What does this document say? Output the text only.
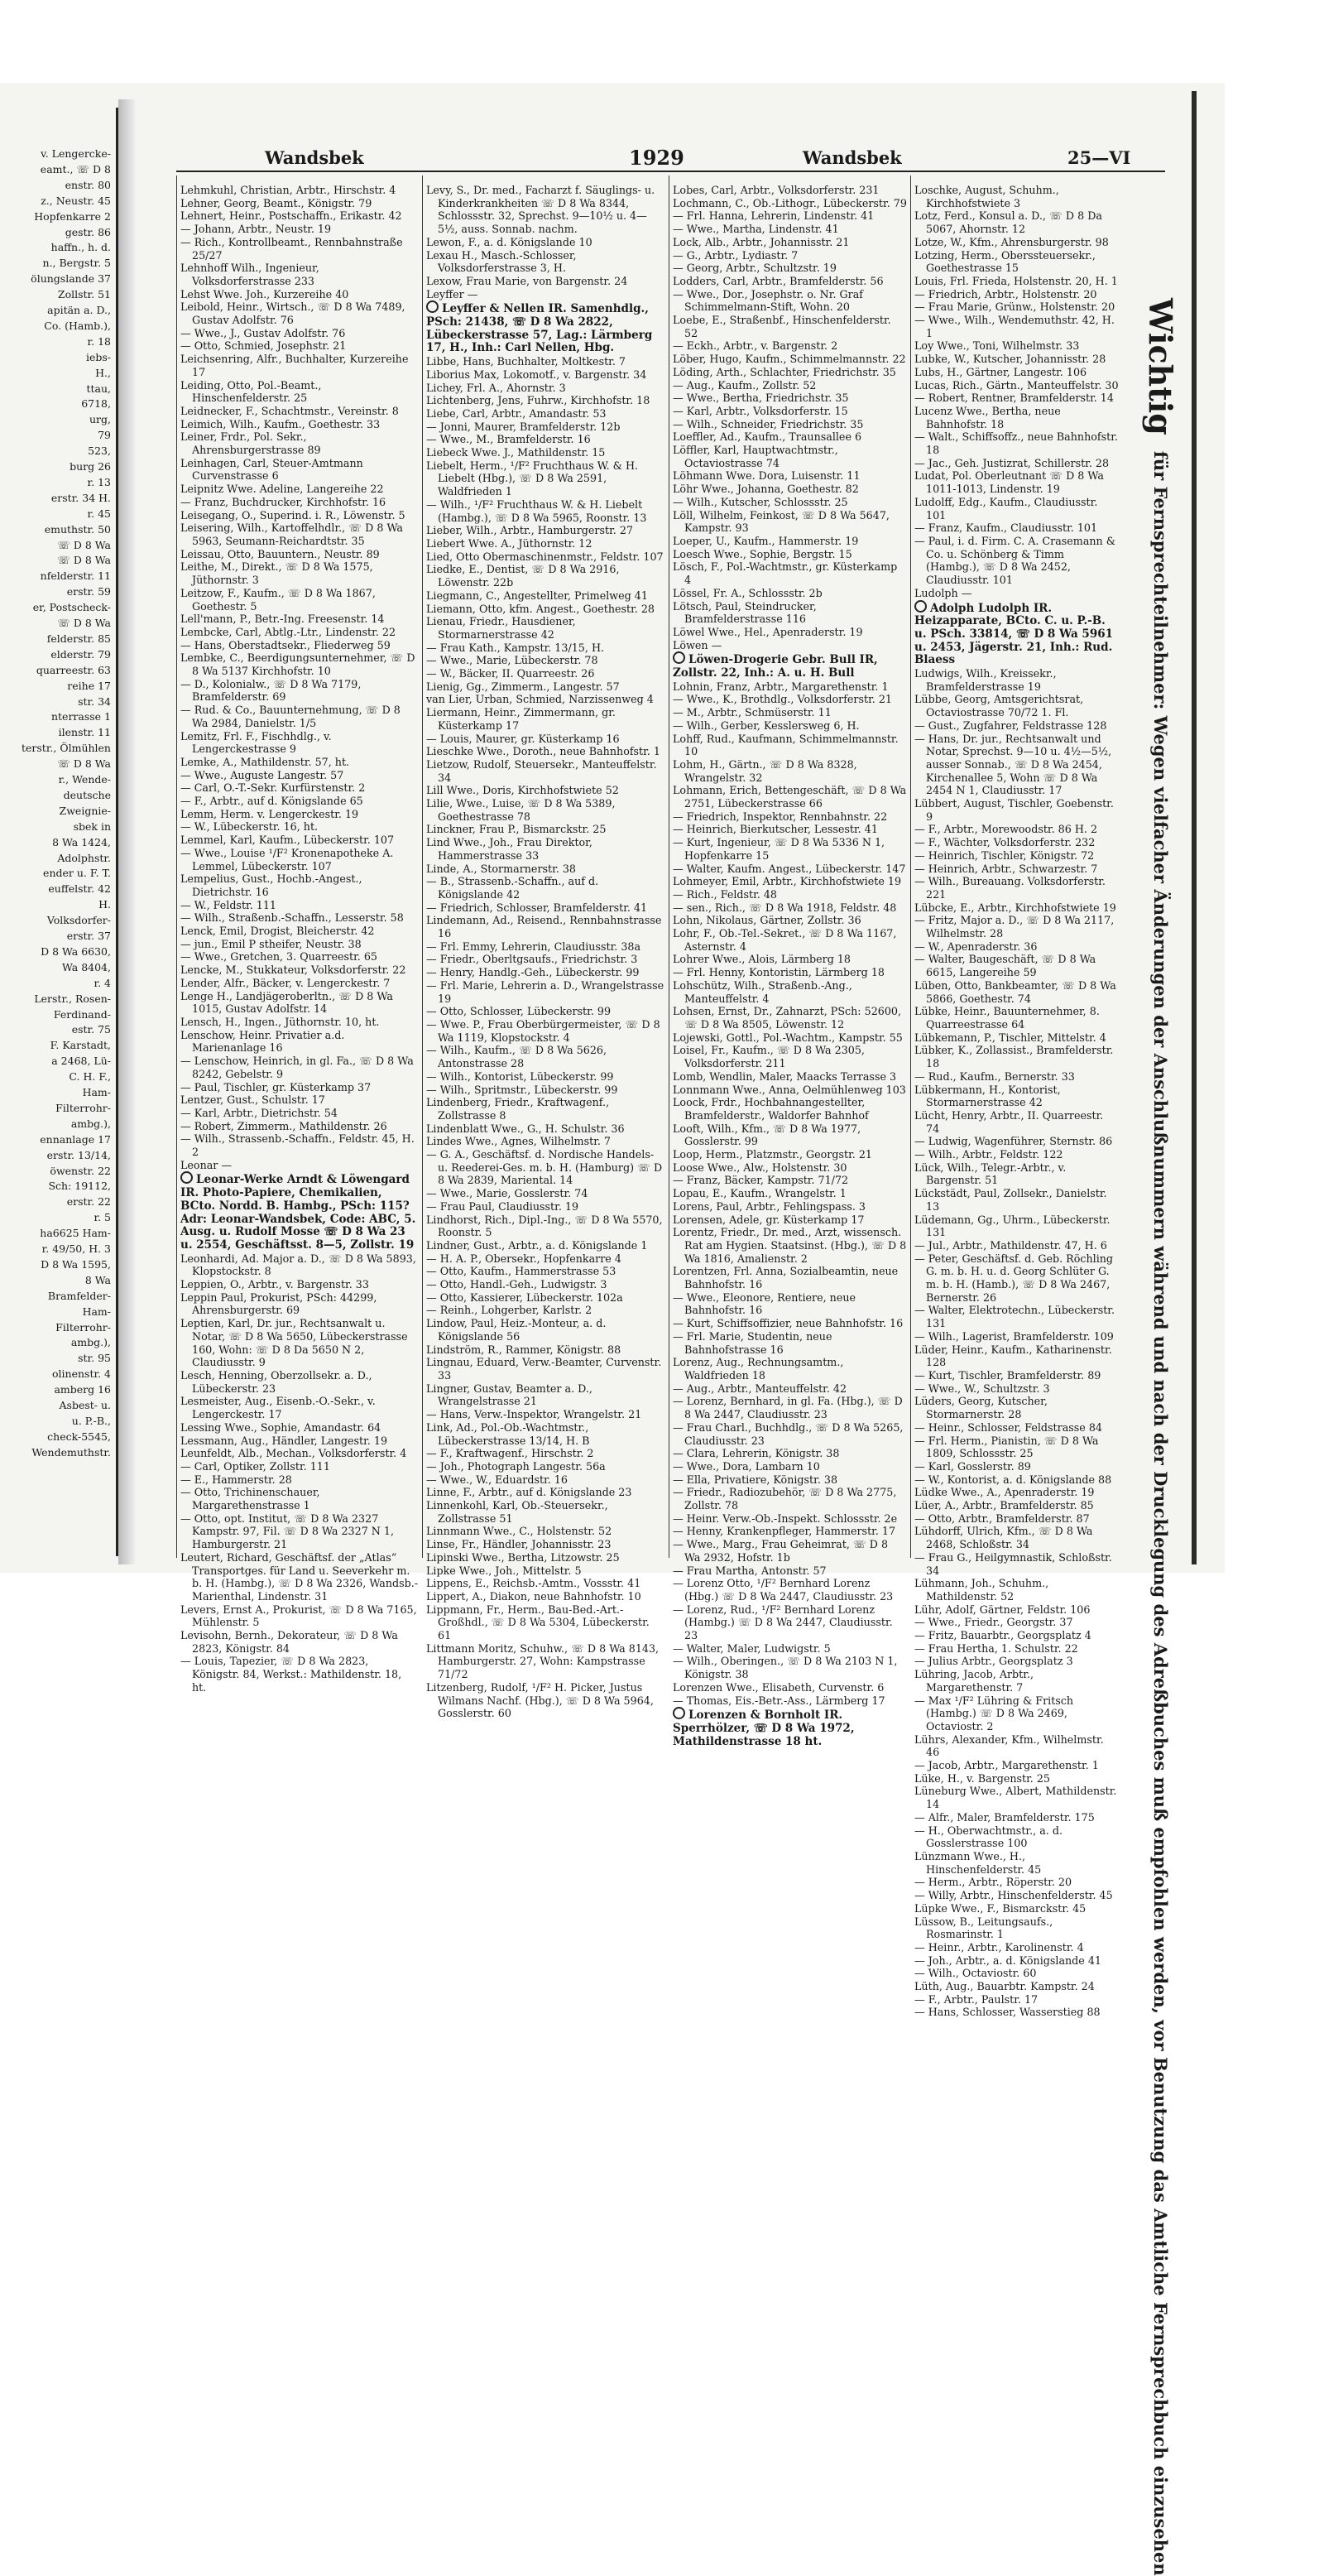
v. Lengercke-
eamt., ☏ D 8
enstr. 80
z., Neustr. 45
Hopfenkarre 2
gestr. 86
haffn., h. d.
n., Bergstr. 5
ölungslande 37
Zollstr. 51
apitän a. D.,
Co. (Hamb.),
r. 18
iebs-
H.,
ttau,
6718,
urg,
79
523,
burg 26
r. 13
erstr. 34 H.
r. 45
emuthstr. 50
☏ D 8 Wa
☏ D 8 Wa
nfelderstr. 11
erstr. 59
er, Postscheck-
☏ D 8 Wa
felderstr. 85
elderstr. 79
quarreestr. 63
reihe 17
str. 34
nterrasse 1
ilenstr. 11
terstr., Ölmühlen
☏ D 8 Wa
r., Wende-
deutsche
Zweignie-
sbek in
8 Wa 1424,
Adolphstr.
ender u. F. T.
euffelstr. 42
H.
Volksdorfer-
erstr. 37
D 8 Wa 6630,
Wa 8404,
r. 4
Lerstr., Rosen-
Ferdinand-
estr. 75
F. Karstadt,
a 2468, Lü-
C. H. F.,
Ham-
Filterrohr-
ambg.),
ennanlage 17
erstr. 13/14,
öwenstr. 22
Sch: 19112,
erstr. 22
r. 5
ha6625 Ham-
r. 49/50, H. 3
D 8 Wa 1595,
8 Wa
Bramfelder-
Ham-
Filterrohr-
ambg.),
str. 95
olinenstr. 4
amberg 16
Asbest- u.
u. P.-B.,
check-5545,
Wendemuthstr.
Wandsbek	1929	Wandsbek	25—VI
Lehmkuhl, Christian, Arbtr., Hirschstr. 4
Lehner, Georg, Beamt., Königstr. 79
Lehnert, Heinr., Postschaffn., Erikastr. 42
— Johann, Arbtr., Neustr. 19
— Rich., Kontrollbeamt., Rennbahnstraße 25/27
Lehnhoff Wilh., Ingenieur, Volksdorferstrasse 233
Lehst Wwe. Joh., Kurzereihe 40
Leibold, Heinr., Wirtsch., ☏ D 8 Wa 7489, Gustav Adolfstr. 76
— Wwe., J., Gustav Adolfstr. 76
— Otto, Schmied, Josephstr. 21
Leichsenring, Alfr., Buchhalter, Kurzereihe 17
Leiding, Otto, Pol.-Beamt., Hinschenfelderstr. 25
Leidnecker, F., Schachtmstr., Vereinstr. 8
Leimich, Wilh., Kaufm., Goethestr. 33
Leiner, Frdr., Pol. Sekr., Ahrensburgerstrasse 89
Leinhagen, Carl, Steuer-Amtmann Curvenstrasse 6
Leipnitz Wwe. Adeline, Langereihe 22
— Franz, Buchdrucker, Kirchhofstr. 16
Leisegang, O., Superind. i. R., Löwenstr. 5
Leisering, Wilh., Kartoffelhdlr., ☏ D 8 Wa 5963, Seumann-Reichardtstr. 35
Leissau, Otto, Bauuntern., Neustr. 89
Leithe, M., Direkt., ☏ D 8 Wa 1575, Jüthornstr. 3
Leitzow, F., Kaufm., ☏ D 8 Wa 1867, Goethestr. 5
Lell'mann, P., Betr.-Ing. Freesenstr. 14
Lembcke, Carl, Abtlg.-Ltr., Lindenstr. 22
— Hans, Oberstadtsekr., Fliederweg 59
Lembke, C., Beerdigungsunternehmer, ☏ D 8 Wa 5137 Kirchhofstr. 10
— D., Kolonialw., ☏ D 8 Wa 7179, Bramfelderstr. 69
— Rud. & Co., Bauunternehmung, ☏ D 8 Wa 2984, Danielstr. 1/5
Lemitz, Frl. F., Fischhdlg., v. Lengerckestrasse 9
Lemke, A., Mathildenstr. 57, ht.
— Wwe., Auguste Langestr. 57
— Carl, O.-T.-Sekr. Kurfürstenstr. 2
— F., Arbtr., auf d. Königslande 65
Lemm, Herm. v. Lengerckestr. 19
— W., Lübeckerstr. 16, ht.
Lemmel, Karl, Kaufm., Lübeckerstr. 107
— Wwe., Louise ¹/F² Kronenapotheke A. Lemmel, Lübeckerstr. 107
Lempelius, Gust., Hochb.-Angest., Dietrichstr. 16
— W., Feldstr. 111
— Wilh., Straßenb.-Schaffn., Lesserstr. 58
Lenck, Emil, Drogist, Bleicherstr. 42
— jun., Emil P stheifer, Neustr. 38
— Wwe., Gretchen, 3. Quarreestr. 65
Lencke, M., Stukkateur, Volksdorferstr. 22
Lender, Alfr., Bäcker, v. Lengerckestr. 7
Lenge H., Landjägeroberltn., ☏ D 8 Wa 1015, Gustav Adolfstr. 14
Lensch, H., Ingen., Jüthornstr. 10, ht.
Lenschow, Heinr. Privatier a.d. Marienanlage 16
— Lenschow, Heinrich, in gl. Fa., ☏ D 8 Wa 8242, Gebelstr. 9
— Paul, Tischler, gr. Küsterkamp 37
Lentzer, Gust., Schulstr. 17
— Karl, Arbtr., Dietrichstr. 54
— Robert, Zimmerm., Mathildenstr. 26
— Wilh., Strassenb.-Schaffn., Feldstr. 45, H. 2
Leonar —
Leonar-Werke Arndt & Löwengard IR. Photo-Papiere, Chemikalien, BCto. Nordd. B. Hambg., PSch: 115? Adr: Leonar-Wandsbek, Code: ABC, 5. Ausg. u. Rudolf Mosse ☏ D 8 Wa 23 u. 2554, Geschäftsst. 8—5, Zollstr. 19
Leonhardi, Ad. Major a. D., ☏ D 8 Wa 5893, Klopstockstr. 8
Leppien, O., Arbtr., v. Bargenstr. 33
Leppin Paul, Prokurist, PSch: 44299, Ahrensburgerstr. 69
Leptien, Karl, Dr. jur., Rechtsanwalt u. Notar, ☏ D 8 Wa 5650, Lübeckerstrasse 160, Wohn: ☏ D 8 Da 5650 N 2, Claudiusstr. 9
Lesch, Henning, Oberzollsekr. a. D., Lübeckerstr. 23
Lesmeister, Aug., Eisenb.-O.-Sekr., v. Lengerckestr. 17
Lessing Wwe., Sophie, Amandastr. 64
Lessmann, Aug., Händler, Langestr. 19
Leunfeldt, Alb., Mechan., Volksdorferstr. 4
— Carl, Optiker, Zollstr. 111
— E., Hammerstr. 28
— Otto, Trichinenschauer, Margarethenstrasse 1
— Otto, opt. Institut, ☏ D 8 Wa 2327 Kampstr. 97, Fil. ☏ D 8 Wa 2327 N 1, Hamburgerstr. 21
Leutert, Richard, Geschäftsf. der „Atlas“ Transportges. für Land u. Seeverkehr m. b. H. (Hambg.), ☏ D 8 Wa 2326, Wandsb.-Marienthal, Lindenstr. 31
Levers, Ernst A., Prokurist, ☏ D 8 Wa 7165, Mühlenstr. 5
Levisohn, Bernh., Dekorateur, ☏ D 8 Wa 2823, Königstr. 84
— Louis, Tapezier, ☏ D 8 Wa 2823, Königstr. 84, Werkst.: Mathildenstr. 18, ht.
Levy, S., Dr. med., Facharzt f. Säuglings- u. Kinderkrankheiten ☏ D 8 Wa 8344, Schlossstr. 32, Sprechst. 9—10½ u. 4—5½, auss. Sonnab. nachm.
Lewon, F., a. d. Königslande 10
Lexau H., Masch.-Schlosser, Volksdorferstrasse 3, H.
Lexow, Frau Marie, von Bargenstr. 24
Leyffer —
Leyffer & Nellen IR. Samenhdlg., PSch: 21438, ☏ D 8 Wa 2822, Lübeckerstrasse 57, Lag.: Lärmberg 17, H., Inh.: Carl Nellen, Hbg.
Libbe, Hans, Buchhalter, Moltkestr. 7
Liborius Max, Lokomotf., v. Bargenstr. 34
Lichey, Frl. A., Ahornstr. 3
Lichtenberg, Jens, Fuhrw., Kirchhofstr. 18
Liebe, Carl, Arbtr., Amandastr. 53
— Jonni, Maurer, Bramfelderstr. 12b
— Wwe., M., Bramfelderstr. 16
Liebeck Wwe. J., Mathildenstr. 15
Liebelt, Herm., ¹/F² Fruchthaus W. & H. Liebelt (Hbg.), ☏ D 8 Wa 2591, Waldfrieden 1
— Wilh., ¹/F² Fruchthaus W. & H. Liebelt (Hambg.), ☏ D 8 Wa 5965, Roonstr. 13
Lieber, Wilh., Arbtr., Hamburgerstr. 27
Liebert Wwe. A., Jüthornstr. 12
Lied, Otto Obermaschinenmstr., Feldstr. 107
Liedke, E., Dentist, ☏ D 8 Wa 2916, Löwenstr. 22b
Liegmann, C., Angestellter, Primelweg 41
Liemann, Otto, kfm. Angest., Goethestr. 28
Lienau, Friedr., Hausdiener, Stormarnerstrasse 42
— Frau Kath., Kampstr. 13/15, H.
— Wwe., Marie, Lübeckerstr. 78
— W., Bäcker, II. Quarreestr. 26
Lienig, Gg., Zimmerm., Langestr. 57
van Lier, Urban, Schmied, Narzissenweg 4
Liermann, Heinr., Zimmermann, gr. Küsterkamp 17
— Louis, Maurer, gr. Küsterkamp 16
Lieschke Wwe., Doroth., neue Bahnhofstr. 1
Lietzow, Rudolf, Steuersekr., Manteuffelstr. 34
Lill Wwe., Doris, Kirchhofstwiete 52
Lilie, Wwe., Luise, ☏ D 8 Wa 5389, Goethestrasse 78
Linckner, Frau P., Bismarckstr. 25
Lind Wwe., Joh., Frau Direktor, Hammerstrasse 33
Linde, A., Stormarnerstr. 38
— B., Strassenb.-Schaffn., auf d. Königslande 42
— Friedrich, Schlosser, Bramfelderstr. 41
Lindemann, Ad., Reisend., Rennbahnstrasse 16
— Frl. Emmy, Lehrerin, Claudiusstr. 38a
— Friedr., Oberltgsaufs., Friedrichstr. 3
— Henry, Handlg.-Geh., Lübeckerstr. 99
— Frl. Marie, Lehrerin a. D., Wrangelstrasse 19
— Otto, Schlosser, Lübeckerstr. 99
— Wwe. P., Frau Oberbürgermeister, ☏ D 8 Wa 1119, Klopstockstr. 4
— Wilh., Kaufm., ☏ D 8 Wa 5626, Antonstrasse 28
— Wilh., Kontorist, Lübeckerstr. 99
— Wilh., Spritmstr., Lübeckerstr. 99
Lindenberg, Friedr., Kraftwagenf., Zollstrasse 8
Lindenblatt Wwe., G., H. Schulstr. 36
Lindes Wwe., Agnes, Wilhelmstr. 7
— G. A., Geschäftsf. d. Nordische Handels- u. Reederei-Ges. m. b. H. (Hamburg) ☏ D 8 Wa 2839, Mariental. 14
— Wwe., Marie, Gosslerstr. 74
— Frau Paul, Claudiusstr. 19
Lindhorst, Rich., Dipl.-Ing., ☏ D 8 Wa 5570, Roonstr. 5
Lindner, Gust., Arbtr., a. d. Königslande 1
— H. A. P., Obersekr., Hopfenkarre 4
— Otto, Kaufm., Hammerstrasse 53
— Otto, Handl.-Geh., Ludwigstr. 3
— Otto, Kassierer, Lübeckerstr. 102a
— Reinh., Lohgerber, Karlstr. 2
Lindow, Paul, Heiz.-Monteur, a. d. Königslande 56
Lindström, R., Rammer, Königstr. 88
Lingnau, Eduard, Verw.-Beamter, Curvenstr. 33
Lingner, Gustav, Beamter a. D., Wrangelstrasse 21
— Hans, Verw.-Inspektor, Wrangelstr. 21
Link, Ad., Pol.-Ob.-Wachtmstr., Lübeckerstrasse 13/14, H. B
— F., Kraftwagenf., Hirschstr. 2
— Joh., Photograph Langestr. 56a
— Wwe., W., Eduardstr. 16
Linne, F., Arbtr., auf d. Königslande 23
Linnenkohl, Karl, Ob.-Steuersekr., Zollstrasse 51
Linnmann Wwe., C., Holstenstr. 52
Linse, Fr., Händler, Johannisstr. 23
Lipinski Wwe., Bertha, Litzowstr. 25
Lipke Wwe., Joh., Mittelstr. 5
Lippens, E., Reichsb.-Amtm., Vossstr. 41
Lippert, A., Diakon, neue Bahnhofstr. 10
Lippmann, Fr., Herm., Bau-Bed.-Art.-Großhdl., ☏ D 8 Wa 5304, Lübeckerstr. 61
Littmann Moritz, Schuhw., ☏ D 8 Wa 8143, Hamburgerstr. 27, Wohn: Kampstrasse 71/72
Litzenberg, Rudolf, ¹/F² H. Picker, Justus Wilmans Nachf. (Hbg.), ☏ D 8 Wa 5964, Gosslerstr. 60
Lobes, Carl, Arbtr., Volksdorferstr. 231
Lochmann, C., Ob.-Lithogr., Lübeckerstr. 79
— Frl. Hanna, Lehrerin, Lindenstr. 41
— Wwe., Martha, Lindenstr. 41
Lock, Alb., Arbtr., Johannisstr. 21
— G., Arbtr., Lydiastr. 7
— Georg, Arbtr., Schultzstr. 19
Lodders, Carl, Arbtr., Bramfelderstr. 56
— Wwe., Dor., Josephstr. o. Nr. Graf Schimmelmann-Stift, Wohn. 20
Loebe, E., Straßenbf., Hinschenfelderstr. 52
— Eckh., Arbtr., v. Bargenstr. 2
Löber, Hugo, Kaufm., Schimmelmannstr. 22
Löding, Arth., Schlachter, Friedrichstr. 35
— Aug., Kaufm., Zollstr. 52
— Wwe., Bertha, Friedrichstr. 35
— Karl, Arbtr., Volksdorferstr. 15
— Wilh., Schneider, Friedrichstr. 35
Loeffler, Ad., Kaufm., Traunsallee 6
Löffler, Karl, Hauptwachtmstr., Octaviostrasse 74
Löhmann Wwe. Dora, Luisenstr. 11
Löhr Wwe., Johanna, Goethestr. 82
— Wilh., Kutscher, Schlossstr. 25
Löll, Wilhelm, Feinkost, ☏ D 8 Wa 5647, Kampstr. 93
Loeper, U., Kaufm., Hammerstr. 19
Loesch Wwe., Sophie, Bergstr. 15
Lösch, F., Pol.-Wachtmstr., gr. Küsterkamp 4
Lössel, Fr. A., Schlossstr. 2b
Lötsch, Paul, Steindrucker, Bramfelderstrasse 116
Löwel Wwe., Hel., Apenraderstr. 19
Löwen —
Löwen-Drogerie Gebr. Bull IR, Zollstr. 22, Inh.: A. u. H. Bull
Lohnin, Franz, Arbtr., Margarethenstr. 1
— Wwe., K., Brothdlg., Volksdorferstr. 21
— M., Arbtr., Schmüserstr. 11
— Wilh., Gerber, Kesslersweg 6, H.
Lohff, Rud., Kaufmann, Schimmelmannstr. 10
Lohm, H., Gärtn., ☏ D 8 Wa 8328, Wrangelstr. 32
Lohmann, Erich, Bettengeschäft, ☏ D 8 Wa 2751, Lübeckerstrasse 66
— Friedrich, Inspektor, Rennbahnstr. 22
— Heinrich, Bierkutscher, Lessestr. 41
— Kurt, Ingenieur, ☏ D 8 Wa 5336 N 1, Hopfenkarre 15
— Walter, Kaufm. Angest., Lübeckerstr. 147
Lohmeyer, Emil, Arbtr., Kirchhofstwiete 19
— Rich., Feldstr. 48
— sen., Rich., ☏ D 8 Wa 1918, Feldstr. 48
Lohn, Nikolaus, Gärtner, Zollstr. 36
Lohr, F., Ob.-Tel.-Sekret., ☏ D 8 Wa 1167, Asternstr. 4
Lohrer Wwe., Alois, Lärmberg 18
— Frl. Henny, Kontoristin, Lärmberg 18
Lohschütz, Wilh., Straßenb.-Ang., Manteuffelstr. 4
Lohsen, Ernst, Dr., Zahnarzt, PSch: 52600, ☏ D 8 Wa 8505, Löwenstr. 12
Lojewski, Gottl., Pol.-Wachtm., Kampstr. 55
Loisel, Fr., Kaufm., ☏ D 8 Wa 2305, Volksdorferstr. 211
Lomb, Wendlin, Maler, Maacks Terrasse 3
Lonnmann Wwe., Anna, Oelmühlenweg 103
Loock, Frdr., Hochbahnangestellter, Bramfelderstr., Waldorfer Bahnhof
Looft, Wilh., Kfm., ☏ D 8 Wa 1977, Gosslerstr. 99
Loop, Herm., Platzmstr., Georgstr. 21
Loose Wwe., Alw., Holstenstr. 30
— Franz, Bäcker, Kampstr. 71/72
Lopau, E., Kaufm., Wrangelstr. 1
Lorens, Paul, Arbtr., Fehlingspass. 3
Lorensen, Adele, gr. Küsterkamp 17
Lorentz, Friedr., Dr. med., Arzt, wissensch. Rat am Hygien. Staatsinst. (Hbg.), ☏ D 8 Wa 1816, Amalienstr. 2
Lorentzen, Frl. Anna, Sozialbeamtin, neue Bahnhofstr. 16
— Wwe., Eleonore, Rentiere, neue Bahnhofstr. 16
— Kurt, Schiffsoffizier, neue Bahnhofstr. 16
— Frl. Marie, Studentin, neue Bahnhofstrasse 16
Lorenz, Aug., Rechnungsamtm., Waldfrieden 18
— Aug., Arbtr., Manteuffelstr. 42
— Lorenz, Bernhard, in gl. Fa. (Hbg.), ☏ D 8 Wa 2447, Claudiusstr. 23
— Frau Charl., Buchhdlg., ☏ D 8 Wa 5265, Claudiusstr. 23
— Clara, Lehrerin, Königstr. 38
— Wwe., Dora, Lambarn 10
— Ella, Privatiere, Königstr. 38
— Friedr., Radiozubehör, ☏ D 8 Wa 2775, Zollstr. 78
— Heinr. Verw.-Ob.-Inspekt. Schlossstr. 2e
— Henny, Krankenpfleger, Hammerstr. 17
— Wwe., Marg., Frau Geheimrat, ☏ D 8 Wa 2932, Hofstr. 1b
— Frau Martha, Antonstr. 57
— Lorenz Otto, ¹/F² Bernhard Lorenz (Hbg.) ☏ D 8 Wa 2447, Claudiusstr. 23
— Lorenz, Rud., ¹/F² Bernhard Lorenz (Hambg.) ☏ D 8 Wa 2447, Claudiusstr. 23
— Walter, Maler, Ludwigstr. 5
— Wilh., Oberingen., ☏ D 8 Wa 2103 N 1, Königstr. 38
Lorenzen Wwe., Elisabeth, Curvenstr. 6
— Thomas, Eis.-Betr.-Ass., Lärmberg 17
Lorenzen & Bornholt IR. Sperrhölzer, ☏ D 8 Wa 1972, Mathildenstrasse 18 ht.
Loschke, August, Schuhm., Kirchhofstwiete 3
Lotz, Ferd., Konsul a. D., ☏ D 8 Da 5067, Ahornstr. 12
Lotze, W., Kfm., Ahrensburgerstr. 98
Lotzing, Herm., Oberssteuersekr., Goethestrasse 15
Louis, Frl. Frieda, Holstenstr. 20, H. 1
— Friedrich, Arbtr., Holstenstr. 20
— Frau Marie, Grünw., Holstenstr. 20
— Wwe., Wilh., Wendemuthstr. 42, H. 1
Loy Wwe., Toni, Wilhelmstr. 33
Lubke, W., Kutscher, Johannisstr. 28
Lubs, H., Gärtner, Langestr. 106
Lucas, Rich., Gärtn., Manteuffelstr. 30
— Robert, Rentner, Bramfelderstr. 14
Lucenz Wwe., Bertha, neue Bahnhofstr. 18
— Walt., Schiffsoffz., neue Bahnhofstr. 18
— Jac., Geh. Justizrat, Schillerstr. 28
Ludat, Pol. Oberleutnant ☏ D 8 Wa 1011-1013, Lindenstr. 19
Ludolff, Edg., Kaufm., Claudiusstr. 101
— Franz, Kaufm., Claudiusstr. 101
— Paul, i. d. Firm. C. A. Crasemann & Co. u. Schönberg & Timm (Hambg.), ☏ D 8 Wa 2452, Claudiusstr. 101
Ludolph —
Adolph Ludolph IR. Heizapparate, BCto. C. u. P.-B. u. PSch. 33814, ☏ D 8 Wa 5961 u. 2453, Jägerstr. 21, Inh.: Rud. Blaess
Ludwigs, Wilh., Kreissekr., Bramfelderstrasse 19
Lübbe, Georg, Amtsgerichtsrat, Octaviostrasse 70/72 1. Fl.
— Gust., Zugfahrer, Feldstrasse 128
— Hans, Dr. jur., Rechtsanwalt und Notar, Sprechst. 9—10 u. 4½—5½, ausser Sonnab., ☏ D 8 Wa 2454, Kirchenallee 5, Wohn ☏ D 8 Wa 2454 N 1, Claudiusstr. 17
Lübbert, August, Tischler, Goebenstr. 9
— F., Arbtr., Morewoodstr. 86 H. 2
— F., Wächter, Volksdorferstr. 232
— Heinrich, Tischler, Königstr. 72
— Heinrich, Arbtr., Schwarzestr. 7
— Wilh., Bureauang. Volksdorferstr. 221
Lübcke, E., Arbtr., Kirchhofstwiete 19
— Fritz, Major a. D., ☏ D 8 Wa 2117, Wilhelmstr. 28
— W., Apenraderstr. 36
— Walter, Baugeschäft, ☏ D 8 Wa 6615, Langereihe 59
Lüben, Otto, Bankbeamter, ☏ D 8 Wa 5866, Goethestr. 74
Lübke, Heinr., Bauunternehmer, 8. Quarreestrasse 64
Lübkemann, P., Tischler, Mittelstr. 4
Lübker, K., Zollassist., Bramfelderstr. 18
— Rud., Kaufm., Bernerstr. 33
Lübkermann, H., Kontorist, Stormarnerstrasse 42
Lücht, Henry, Arbtr., II. Quarreestr. 74
— Ludwig, Wagenführer, Sternstr. 86
— Wilh., Arbtr., Feldstr. 122
Lück, Wilh., Telegr.-Arbtr., v. Bargenstr. 51
Lückstädt, Paul, Zollsekr., Danielstr. 13
Lüdemann, Gg., Uhrm., Lübeckerstr. 131
— Jul., Arbtr., Mathildenstr. 47, H. 6
— Peter, Geschäftsf. d. Geb. Röchling G. m. b. H. u. d. Georg Schlüter G. m. b. H. (Hamb.), ☏ D 8 Wa 2467, Bernerstr. 26
— Walter, Elektrotechn., Lübeckerstr. 131
— Wilh., Lagerist, Bramfelderstr. 109
Lüder, Heinr., Kaufm., Katharinenstr. 128
— Kurt, Tischler, Bramfelderstr. 89
— Wwe., W., Schultzstr. 3
Lüders, Georg, Kutscher, Stormarnerstr. 28
— Heinr., Schlosser, Feldstrasse 84
— Frl. Herm., Pianistin, ☏ D 8 Wa 1809, Schlossstr. 25
— Karl, Gosslerstr. 89
— W., Kontorist, a. d. Königslande 88
Lüdke Wwe., A., Apenraderstr. 19
Lüer, A., Arbtr., Bramfelderstr. 85
— Otto, Arbtr., Bramfelderstr. 87
Lühdorff, Ulrich, Kfm., ☏ D 8 Wa 2468, Schloßstr. 34
— Frau G., Heilgymnastik, Schloßstr. 34
Lühmann, Joh., Schuhm., Mathildenstr. 52
Lühr, Adolf, Gärtner, Feldstr. 106
— Wwe., Friedr., Georgstr. 37
— Fritz, Bauarbtr., Georgsplatz 4
— Frau Hertha, 1. Schulstr. 22
— Julius Arbtr., Georgsplatz 3
Lühring, Jacob, Arbtr., Margarethenstr. 7
— Max ¹/F² Lühring & Fritsch (Hambg.) ☏ D 8 Wa 2469, Octaviostr. 2
Lührs, Alexander, Kfm., Wilhelmstr. 46
— Jacob, Arbtr., Margarethenstr. 1
Lüke, H., v. Bargenstr. 25
Lüneburg Wwe., Albert, Mathildenstr. 14
— Alfr., Maler, Bramfelderstr. 175
— H., Oberwachtmstr., a. d. Gosslerstrasse 100
Lünzmann Wwe., H., Hinschenfelderstr. 45
— Herm., Arbtr., Röperstr. 20
— Willy, Arbtr., Hinschenfelderstr. 45
Lüpke Wwe., F., Bismarckstr. 45
Lüssow, B., Leitungsaufs., Rosmarinstr. 1
— Heinr., Arbtr., Karolinenstr. 4
— Joh., Arbtr., a. d. Königslande 41
— Wilh., Octaviostr. 60
Lüth, Aug., Bauarbtr. Kampstr. 24
— F., Arbtr., Paulstr. 17
— Hans, Schlosser, Wasserstieg 88
Wichtig für Fernsprechteilnehmer: Wegen vielfacher Änderungen der Anschlußnummern während und nach der Drucklegung des Adreßbuches muß empfohlen werden, vor Benutzung das Amtliche Fernsprechbuch einzusehen
